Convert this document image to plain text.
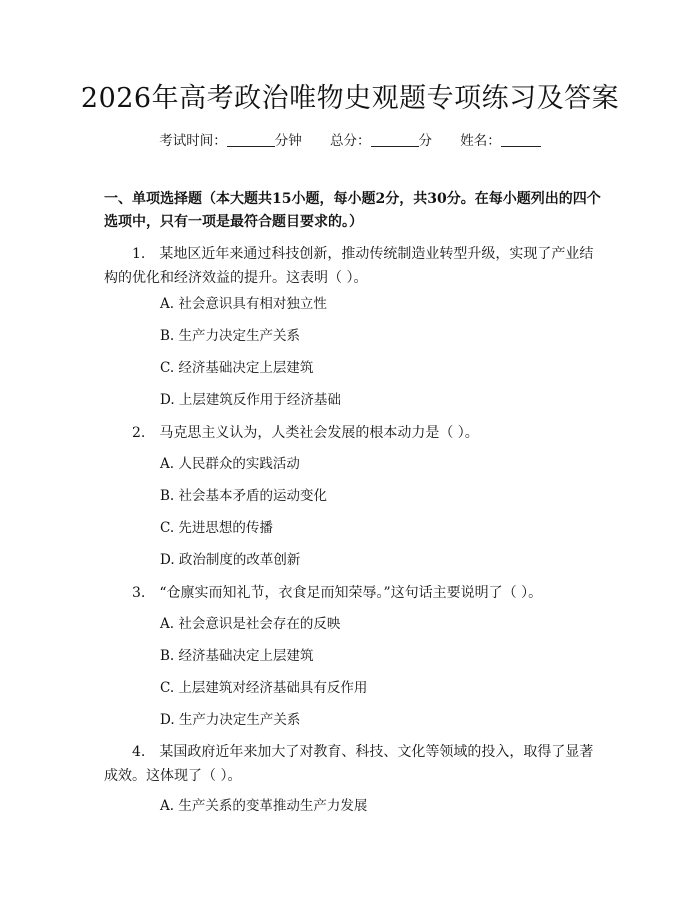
2026年高考政治唯物史观题专项练习及答案
考试时间：	分钟 总分：	分 姓名：
一、单项选择题（本大题共15小题，每小题2分，共30分。在每小题列出的四个选项中，只有一项是最符合题目要求的。）
1.　某地区近年来通过科技创新，推动传统制造业转型升级，实现了产业结构的优化和经济效益的提升。这表明（ ）。
A. 社会意识具有相对独立性
B. 生产力决定生产关系
C. 经济基础决定上层建筑
D. 上层建筑反作用于经济基础
2.　马克思主义认为，人类社会发展的根本动力是（ ）。
A. 人民群众的实践活动
B. 社会基本矛盾的运动变化
C. 先进思想的传播
D. 政治制度的改革创新
3.　“仓廪实而知礼节，衣食足而知荣辱。”这句话主要说明了（ ）。
A. 社会意识是社会存在的反映
B. 经济基础决定上层建筑
C. 上层建筑对经济基础具有反作用
D. 生产力决定生产关系
4.　某国政府近年来加大了对教育、科技、文化等领域的投入，取得了显著成效。这体现了（ ）。
A. 生产关系的变革推动生产力发展
